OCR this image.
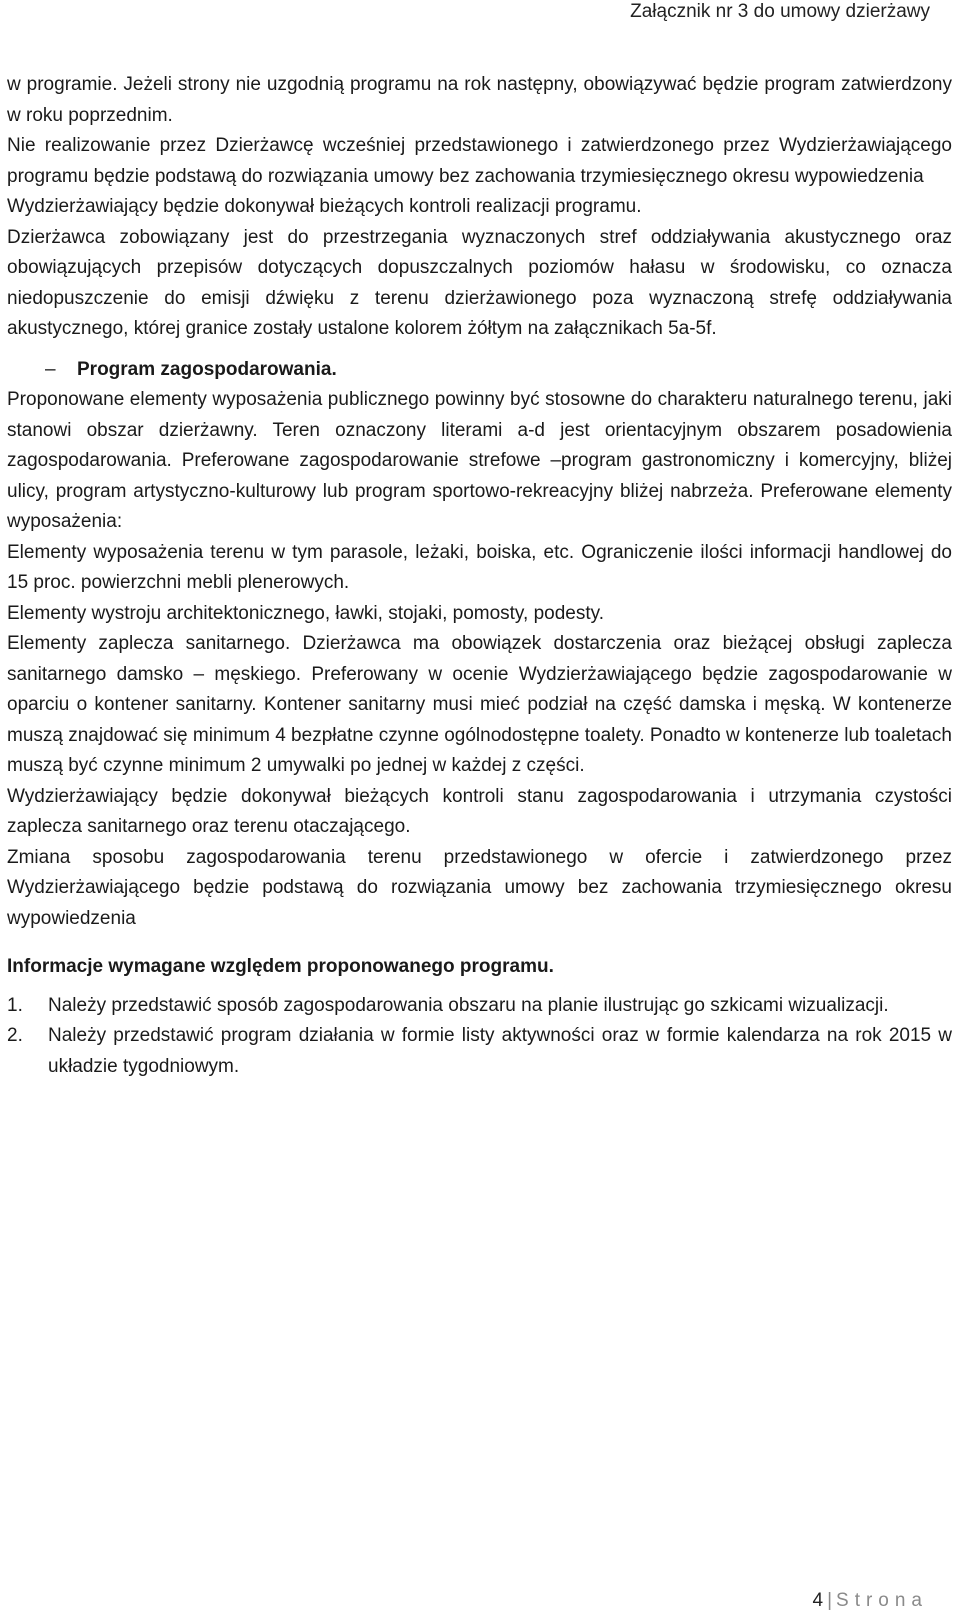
Załącznik nr 3 do umowy dzierżawy

w programie. Jeżeli strony nie uzgodnią programu na rok następny, obowiązywać będzie program zatwierdzony w roku poprzednim.

Nie realizowanie przez Dzierżawcę wcześniej przedstawionego i zatwierdzonego przez Wydzierżawiającego programu będzie podstawą do rozwiązania umowy bez zachowania trzymiesięcznego okresu wypowiedzenia

Wydzierżawiający będzie dokonywał bieżących kontroli realizacji programu.

Dzierżawca zobowiązany jest do przestrzegania wyznaczonych stref oddziaływania akustycznego oraz obowiązujących przepisów dotyczących dopuszczalnych poziomów hałasu w środowisku, co oznacza niedopuszczenie do emisji dźwięku z terenu dzierżawionego poza wyznaczoną strefę oddziaływania akustycznego, której granice zostały ustalone kolorem żółtym na załącznikach 5a-5f.

–	Program zagospodarowania.

Proponowane elementy wyposażenia publicznego powinny być stosowne do charakteru naturalnego terenu, jaki stanowi obszar dzierżawny. Teren oznaczony literami a-d jest orientacyjnym obszarem posadowienia zagospodarowania. Preferowane zagospodarowanie strefowe –program gastronomiczny i komercyjny, bliżej ulicy, program artystyczno-kulturowy lub program sportowo-rekreacyjny bliżej nabrzeża. Preferowane elementy wyposażenia:

Elementy wyposażenia terenu w tym parasole, leżaki, boiska, etc. Ograniczenie ilości informacji handlowej do 15 proc. powierzchni mebli plenerowych.

Elementy wystroju architektonicznego, ławki, stojaki, pomosty, podesty.

Elementy zaplecza sanitarnego. Dzierżawca ma obowiązek dostarczenia oraz bieżącej obsługi zaplecza sanitarnego damsko – męskiego. Preferowany w ocenie Wydzierżawiającego będzie zagospodarowanie w oparciu o kontener sanitarny. Kontener sanitarny musi mieć podział na część damska i męską. W kontenerze muszą znajdować się minimum 4 bezpłatne czynne ogólnodostępne toalety. Ponadto w kontenerze lub toaletach muszą być czynne minimum 2 umywalki po jednej w każdej z części.

Wydzierżawiający będzie dokonywał bieżących kontroli stanu zagospodarowania i utrzymania czystości zaplecza sanitarnego oraz terenu otaczającego.

Zmiana sposobu zagospodarowania terenu przedstawionego w ofercie i zatwierdzonego przez Wydzierżawiającego będzie podstawą do rozwiązania umowy bez zachowania trzymiesięcznego okresu wypowiedzenia

Informacje wymagane względem proponowanego programu.

1.	Należy przedstawić sposób zagospodarowania obszaru na planie ilustrując go szkicami wizualizacji.
2.	Należy przedstawić program działania w formie listy aktywności oraz w formie kalendarza na rok 2015 w układzie tygodniowym.
4 | Strona
